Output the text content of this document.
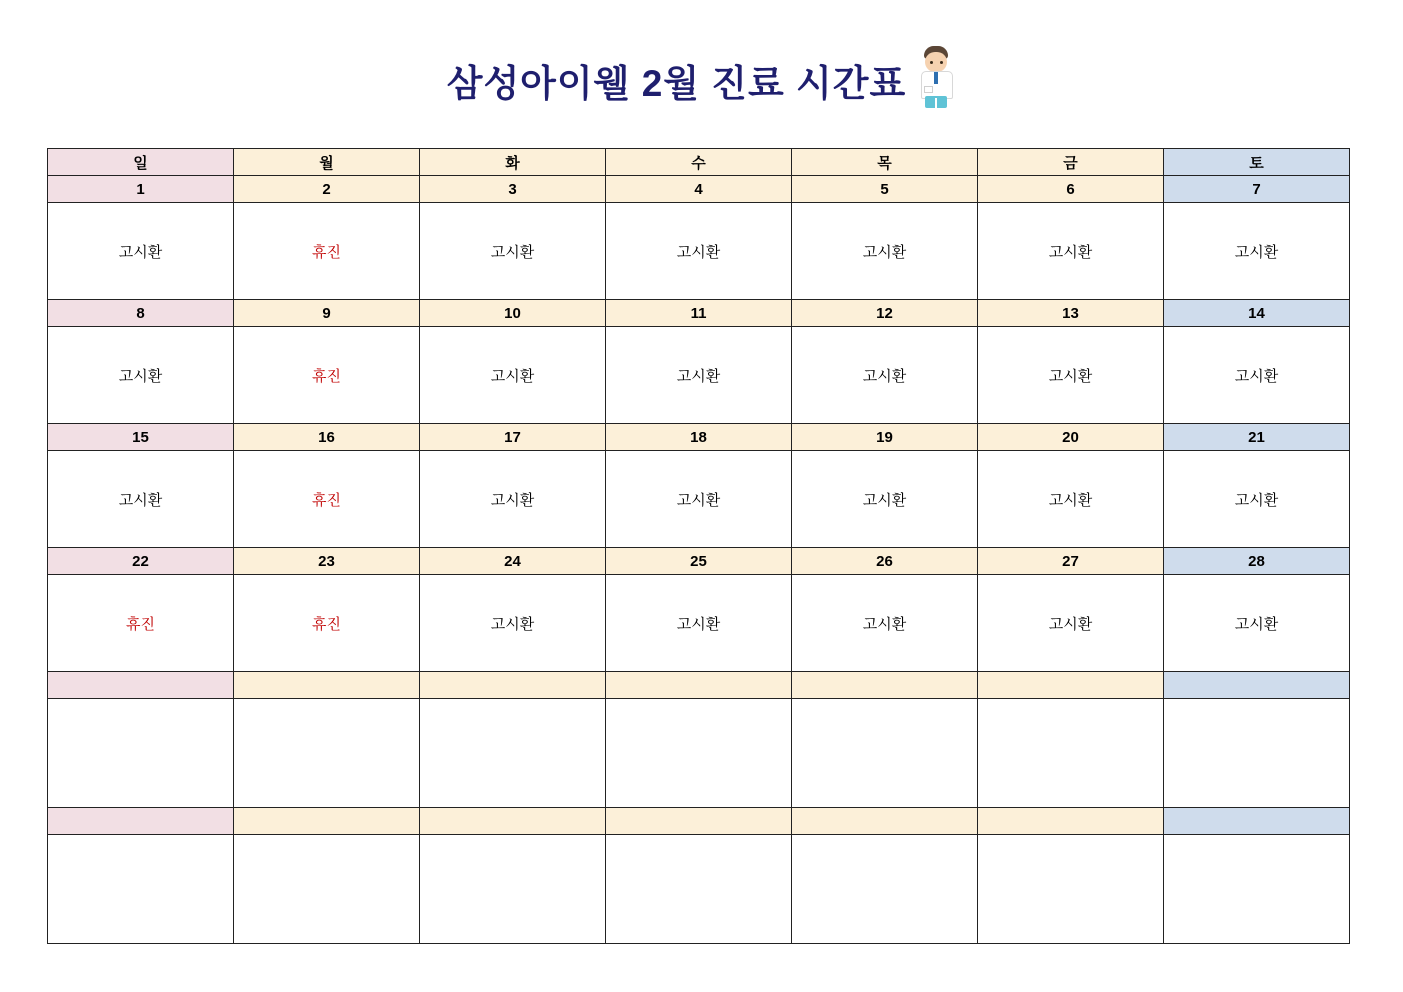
삼성아이웰 2월 진료 시간표
일	월	화	수	목	금	토
1	2	3	4	5	6	7

고시환	휴진	고시환	고시환	고시환	고시환	고시환

8	9	10	11	12	13	14

고시환	휴진	고시환	고시환	고시환	고시환	고시환

15	16	17	18	19	20	21

고시환	휴진	고시환	고시환	고시환	고시환	고시환

22	23	24	25	26	27	28

휴진	휴진	고시환	고시환	고시환	고시환	고시환
